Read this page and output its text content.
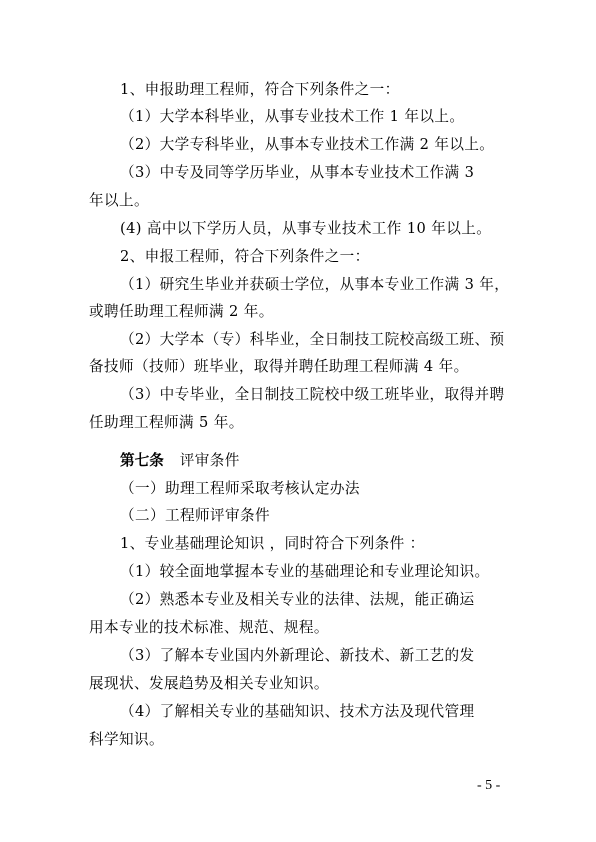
1、申报助理工程师，符合下列条件之一：
（1）大学本科毕业，从事专业技术工作 1 年以上。
（2）大学专科毕业，从事本专业技术工作满 2 年以上。
（3）中专及同等学历毕业，从事本专业技术工作满 3
年以上。
(4) 高中以下学历人员，从事专业技术工作 10 年以上。
2、申报工程师，符合下列条件之一：
（1）研究生毕业并获硕士学位，从事本专业工作满 3 年，
或聘任助理工程师满 2 年。
（2）大学本（专）科毕业，全日制技工院校高级工班、预
备技师（技师）班毕业，取得并聘任助理工程师满 4 年。
（3）中专毕业，全日制技工院校中级工班毕业，取得并聘
任助理工程师满 5 年。
第七条 评审条件
（一）助理工程师采取考核认定办法
（二）工程师评审条件
1、专业基础理论知识 ，同时符合下列条件 ：
（1）较全面地掌握本专业的基础理论和专业理论知识。
（2）熟悉本专业及相关专业的法律、法规，能正确运
用本专业的技术标准、规范、规程。
（3）了解本专业国内外新理论、新技术、新工艺的发
展现状、发展趋势及相关专业知识。
（4）了解相关专业的基础知识、技术方法及现代管理
科学知识。
- 5 -
